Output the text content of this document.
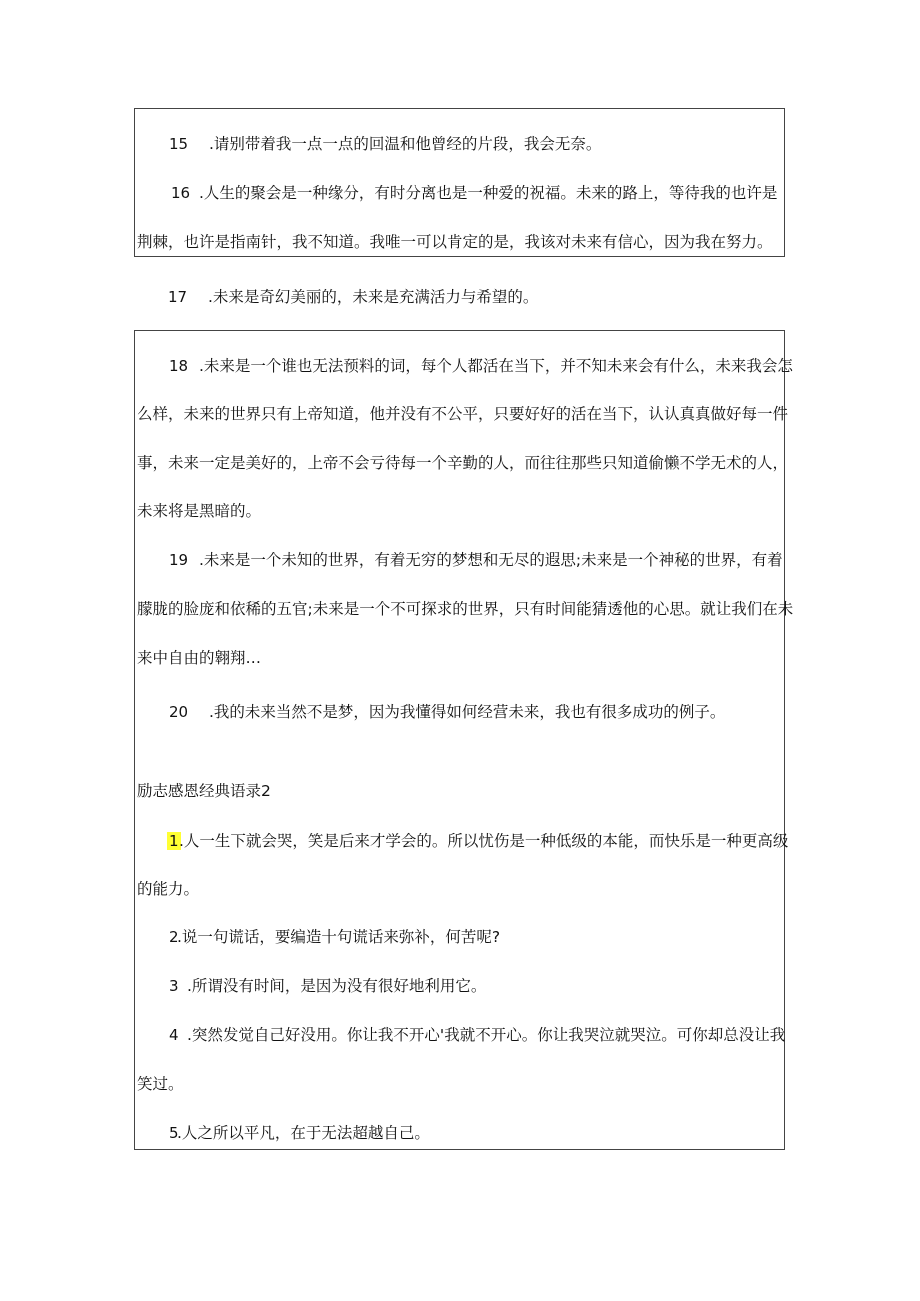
15 .请别带着我一点一点的回温和他曾经的片段，我会无奈。
16 .人生的聚会是一种缘分，有时分离也是一种爱的祝福。未来的路上，等待我的也许是
荆棘，也许是指南针，我不知道。我唯一可以肯定的是，我该对未来有信心，因为我在努力。
17 .未来是奇幻美丽的，未来是充满活力与希望的。
18 .未来是一个谁也无法预料的词，每个人都活在当下，并不知未来会有什么，未来我会怎
么样，未来的世界只有上帝知道，他并没有不公平，只要好好的活在当下，认认真真做好每一件
事，未来一定是美好的，上帝不会亏待每一个辛勤的人，而往往那些只知道偷懒不学无术的人，
未来将是黑暗的。
19 .未来是一个未知的世界，有着无穷的梦想和无尽的遐思;未来是一个神秘的世界，有着
朦胧的脸庞和依稀的五官;未来是一个不可探求的世界，只有时间能猜透他的心思。就让我们在未
来中自由的翱翔…
20 .我的未来当然不是梦，因为我懂得如何经营未来，我也有很多成功的例子。
励志感恩经典语录2
1 .人一生下就会哭，笑是后来才学会的。所以忧伤是一种低级的本能，而快乐是一种更高级
的能力。
2
.说一句谎话，要编造十句谎话来弥补，何苦呢?
3 .所谓没有时间，是因为没有很好地利用它。
4 .突然发觉自己好没用。你让我不开心'我就不开心。你让我哭泣就哭泣。可你却总没让我
笑过。
5
.人之所以平凡，在于无法超越自己。
